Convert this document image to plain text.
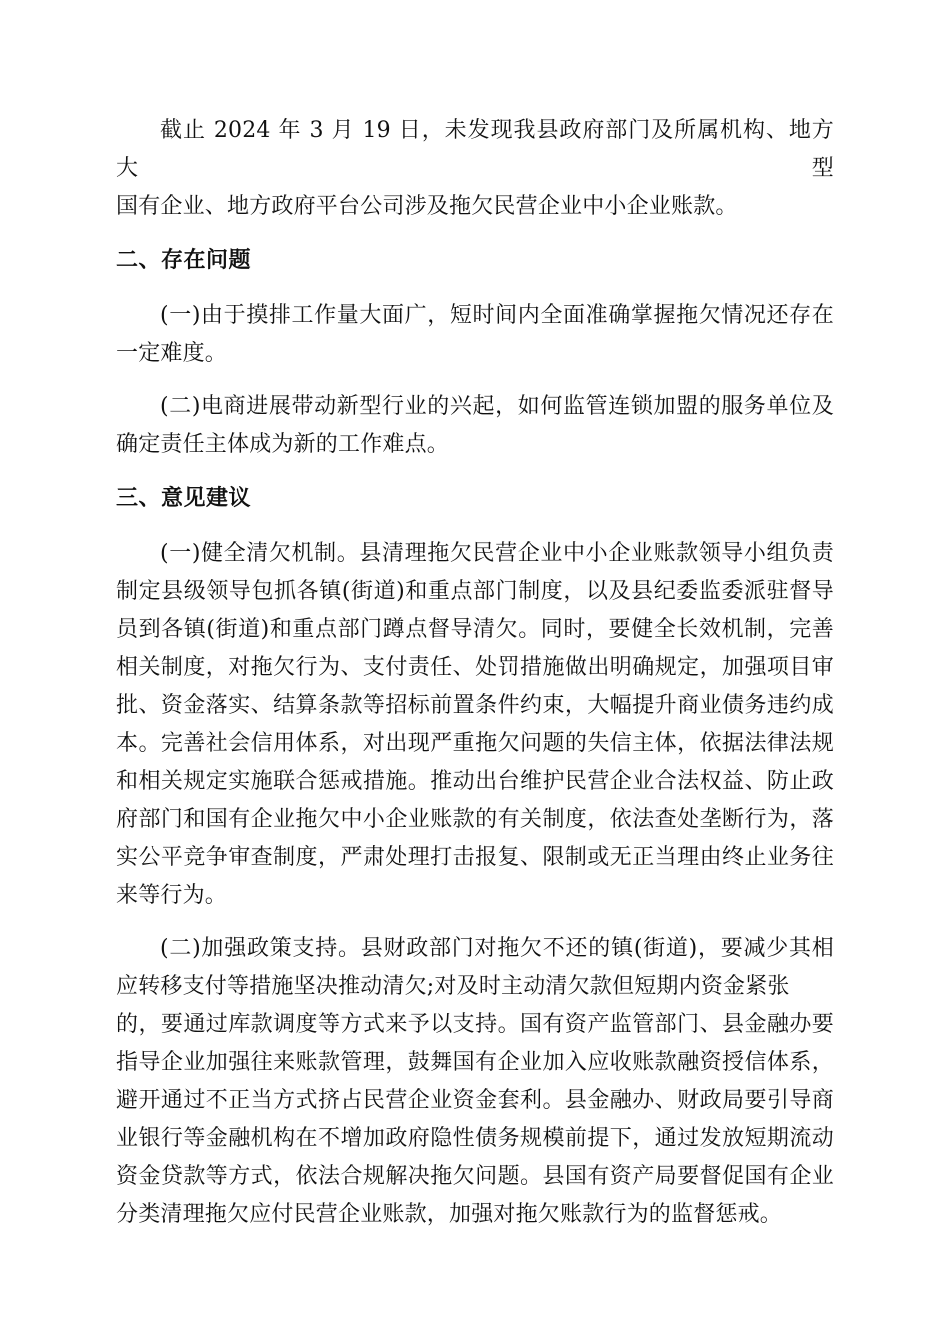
截止 2024 年 3 月 19 日，未发现我县政府部门及所属机构、地方大型
国有企业、地方政府平台公司涉及拖欠民营企业中小企业账款。

二、存在问题

(一)由于摸排工作量大面广，短时间内全面准确掌握拖欠情况还存在
一定难度。

(二)电商进展带动新型行业的兴起，如何监管连锁加盟的服务单位及
确定责任主体成为新的工作难点。

三、意见建议

(一)健全清欠机制。县清理拖欠民营企业中小企业账款领导小组负责
制定县级领导包抓各镇(街道)和重点部门制度，以及县纪委监委派驻督导
员到各镇(街道)和重点部门蹲点督导清欠。同时，要健全长效机制，完善
相关制度，对拖欠行为、支付责任、处罚措施做出明确规定，加强项目审
批、资金落实、结算条款等招标前置条件约束，大幅提升商业债务违约成
本。完善社会信用体系，对出现严重拖欠问题的失信主体，依据法律法规
和相关规定实施联合惩戒措施。推动出台维护民营企业合法权益、防止政
府部门和国有企业拖欠中小企业账款的有关制度，依法查处垄断行为，落
实公平竞争审查制度，严肃处理打击报复、限制或无正当理由终止业务往
来等行为。

(二)加强政策支持。县财政部门对拖欠不还的镇(街道)，要减少其相
应转移支付等措施坚决推动清欠;对及时主动清欠款但短期内资金紧张
的，要通过库款调度等方式来予以支持。国有资产监管部门、县金融办要
指导企业加强往来账款管理，鼓舞国有企业加入应收账款融资授信体系，
避开通过不正当方式挤占民营企业资金套利。县金融办、财政局要引导商
业银行等金融机构在不增加政府隐性债务规模前提下，通过发放短期流动
资金贷款等方式，依法合规解决拖欠问题。县国有资产局要督促国有企业
分类清理拖欠应付民营企业账款，加强对拖欠账款行为的监督惩戒。
